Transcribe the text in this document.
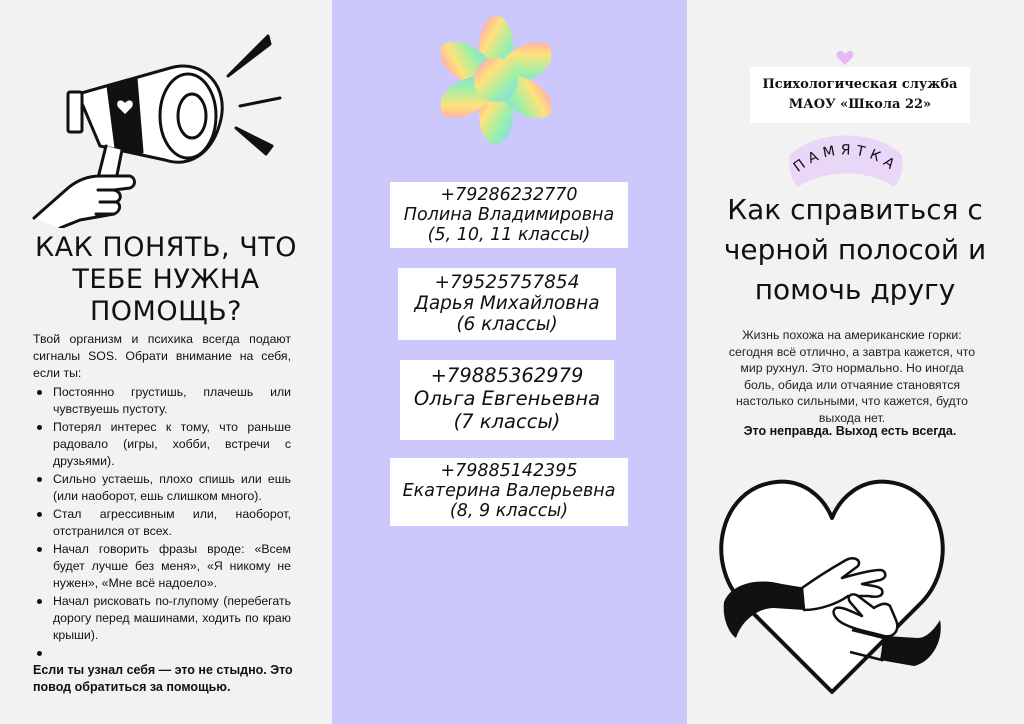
КАК ПОНЯТЬ, ЧТО
ТЕБЕ НУЖНА
ПОМОЩЬ?

Твой организм и психика всегда подают сигналы SOS. Обрати внимание на себя, если ты:

Постоянно грустишь, плачешь или чувствуешь пустоту.
Потерял интерес к тому, что раньше радовало (игры, хобби, встречи с друзьями).
Сильно устаешь, плохо спишь или ешь (или наоборот, ешь слишком много).
Стал агрессивным или, наоборот, отстранился от всех.
Начал говорить фразы вроде: «Всем будет лучше без меня», «Я никому не нужен», «Мне всё надоело».
Начал рисковать по-глупому (перебегать дорогу перед машинами, ходить по краю крыши).

Если ты узнал себя — это не стыдно. Это повод обратиться за помощью.

+79286232770
Полина Владимировна
(5, 10, 11 классы)
+79525757854
Дарья Михайловна
(6 классы)
+79885362979
Ольга Евгеньевна
(7 классы)
+79885142395
Екатерина Валерьевна
(8, 9 классы)
Психологическая служба
МАОУ «Школа 22»
ПАМЯТКА
Как справиться с
черной полосой и
помочь другу

Жизнь похожа на американские горки: сегодня всё отлично, а завтра кажется, что мир рухнул. Это нормально. Но иногда боль, обида или отчаяние становятся настолько сильными, что кажется, будто выхода нет.

Это неправда. Выход есть всегда.
